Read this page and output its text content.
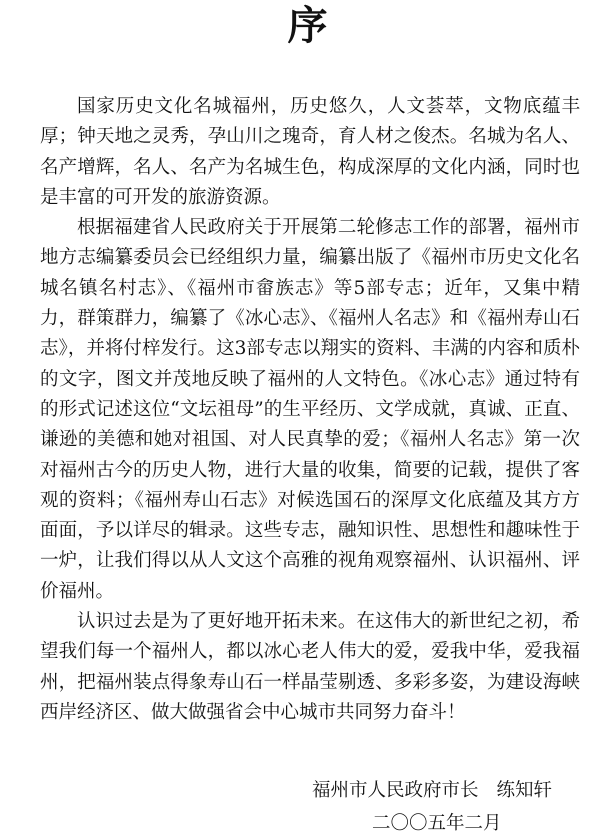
序

国家历史文化名城福州，历史悠久，人文荟萃，文物底蕴丰厚；钟天地之灵秀，孕山川之瑰奇，育人材之俊杰。名城为名人、名产增辉，名人、名产为名城生色，构成深厚的文化内涵，同时也是丰富的可开发的旅游资源。

根据福建省人民政府关于开展第二轮修志工作的部署，福州市地方志编纂委员会已经组织力量，编纂出版了《福州市历史文化名城名镇名村志》、《福州市畲族志》等5部专志；近年，又集中精力，群策群力，编纂了《冰心志》、《福州人名志》和《福州寿山石志》，并将付梓发行。这3部专志以翔实的资料、丰满的内容和质朴的文字，图文并茂地反映了福州的人文特色。《冰心志》通过特有的形式记述这位“文坛祖母”的生平经历、文学成就，真诚、正直、谦逊的美德和她对祖国、对人民真挚的爱；《福州人名志》第一次对福州古今的历史人物，进行大量的收集，简要的记载，提供了客观的资料；《福州寿山石志》对候选国石的深厚文化底蕴及其方方面面，予以详尽的辑录。这些专志，融知识性、思想性和趣味性于一炉，让我们得以从人文这个高雅的视角观察福州、认识福州、评价福州。

认识过去是为了更好地开拓未来。在这伟大的新世纪之初，希望我们每一个福州人，都以冰心老人伟大的爱，爱我中华，爱我福州，把福州装点得象寿山石一样晶莹剔透、多彩多姿，为建设海峡西岸经济区、做大做强省会中心城市共同努力奋斗！

福州市人民政府市长 练知轩
二〇〇五年二月
